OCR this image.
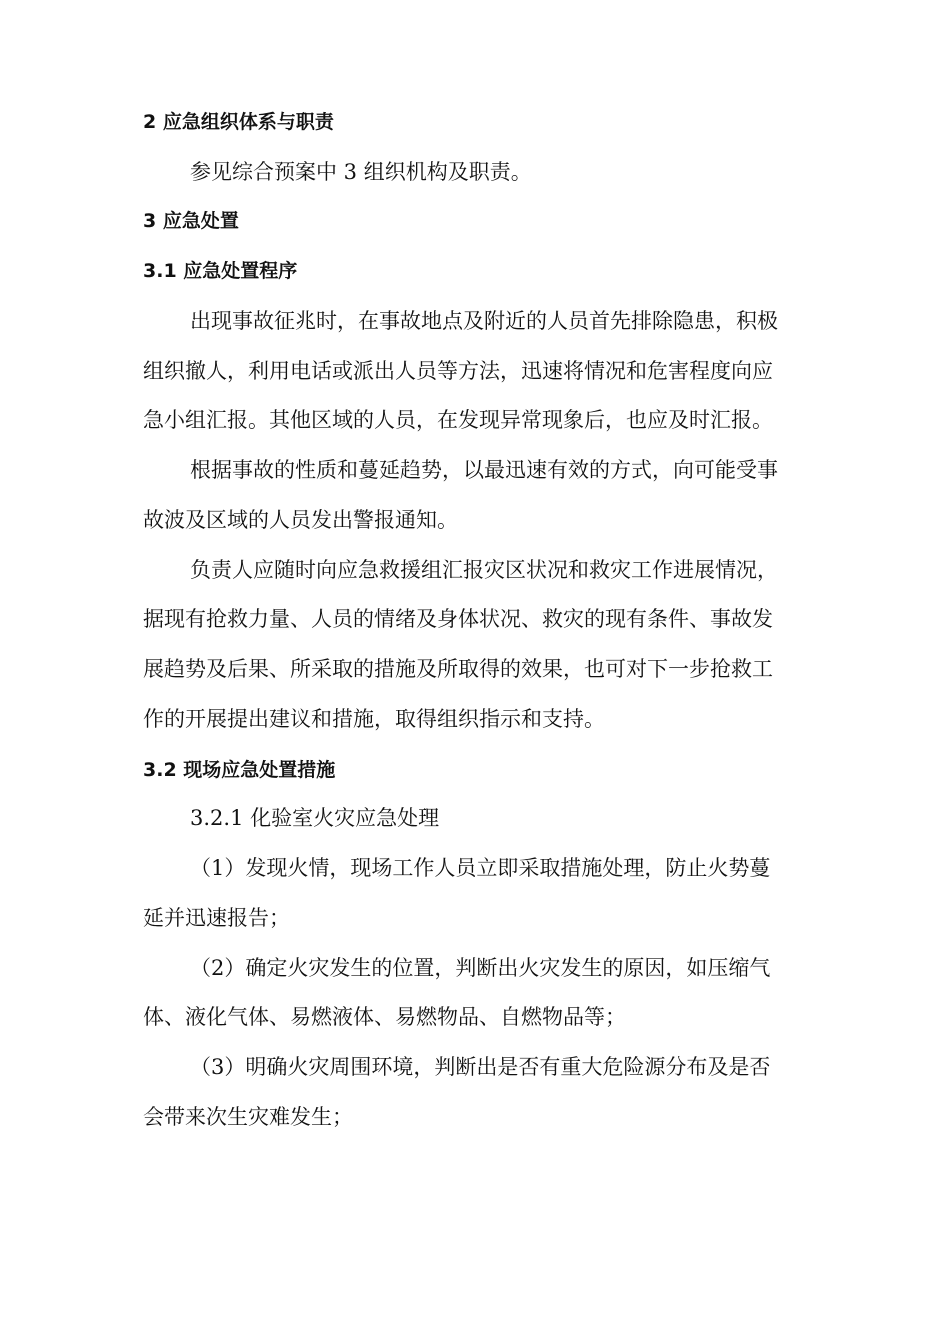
2 应急组织体系与职责
参见综合预案中 3 组织机构及职责。
3 应急处置
3.1 应急处置程序
出现事故征兆时，在事故地点及附近的人员首先排除隐患，积极
组织撤人，利用电话或派出人员等方法，迅速将情况和危害程度向应
急小组汇报。其他区域的人员，在发现异常现象后，也应及时汇报。
根据事故的性质和蔓延趋势，以最迅速有效的方式，向可能受事
故波及区域的人员发出警报通知。
负责人应随时向应急救援组汇报灾区状况和救灾工作进展情况，
据现有抢救力量、人员的情绪及身体状况、救灾的现有条件、事故发
展趋势及后果、所采取的措施及所取得的效果，也可对下一步抢救工
作的开展提出建议和措施，取得组织指示和支持。
3.2 现场应急处置措施
3.2.1 化验室火灾应急处理
（1）发现火情，现场工作人员立即采取措施处理，防止火势蔓
延并迅速报告；
（2）确定火灾发生的位置，判断出火灾发生的原因，如压缩气
体、液化气体、易燃液体、易燃物品、自燃物品等；
（3）明确火灾周围环境，判断出是否有重大危险源分布及是否
会带来次生灾难发生；
